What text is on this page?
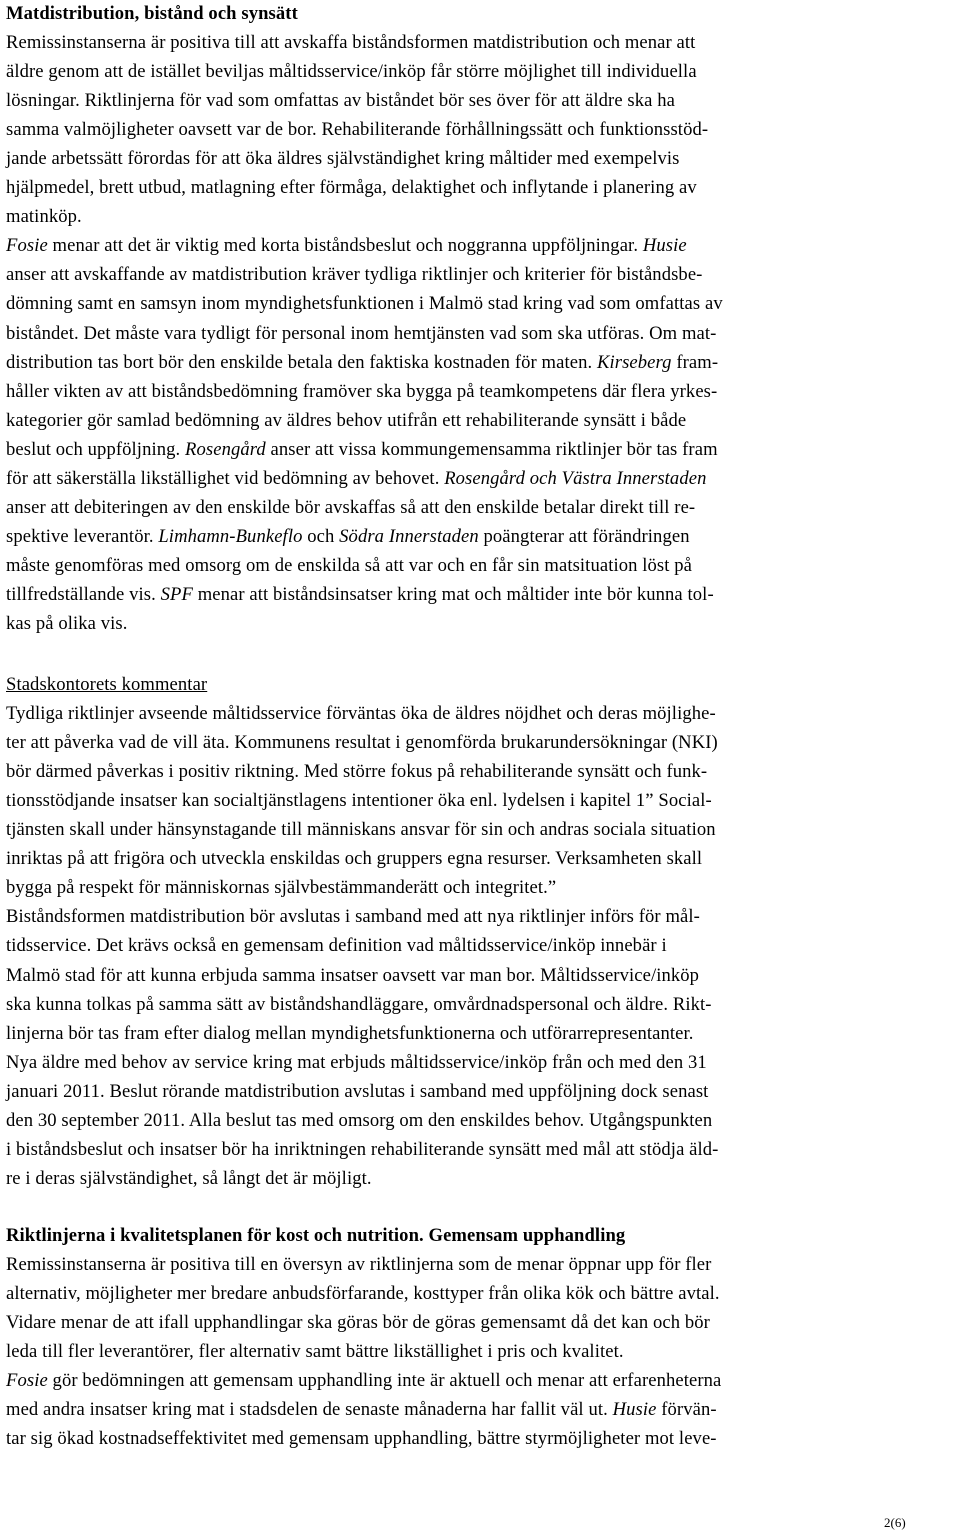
Matdistribution, bistånd och synsätt
Remissinstanserna är positiva till att avskaffa biståndsformen matdistribution och menar att
äldre genom att de istället beviljas måltidsservice/inköp får större möjlighet till individuella
lösningar. Riktlinjerna för vad som omfattas av biståndet bör ses över för att äldre ska ha
samma valmöjligheter oavsett var de bor. Rehabiliterande förhållningssätt och funktionsstöd-
jande arbetssätt förordas för att öka äldres självständighet kring måltider med exempelvis
hjälpmedel, brett utbud, matlagning efter förmåga, delaktighet och inflytande i planering av
matinköp.
Fosie menar att det är viktig med korta biståndsbeslut och noggranna uppföljningar. Husie
anser att avskaffande av matdistribution kräver tydliga riktlinjer och kriterier för biståndsbe-
dömning samt en samsyn inom myndighetsfunktionen i Malmö stad kring vad som omfattas av
biståndet. Det måste vara tydligt för personal inom hemtjänsten vad som ska utföras. Om mat-
distribution tas bort bör den enskilde betala den faktiska kostnaden för maten. Kirseberg fram-
håller vikten av att biståndsbedömning framöver ska bygga på teamkompetens där flera yrkes-
kategorier gör samlad bedömning av äldres behov utifrån ett rehabiliterande synsätt i både
beslut och uppföljning. Rosengård anser att vissa kommungemensamma riktlinjer bör tas fram
för att säkerställa likställighet vid bedömning av behovet. Rosengård och Västra Innerstaden
anser att debiteringen av den enskilde bör avskaffas så att den enskilde betalar direkt till re-
spektive leverantör. Limhamn-Bunkeflo och Södra Innerstaden poängterar att förändringen
måste genomföras med omsorg om de enskilda så att var och en får sin matsituation löst på
tillfredställande vis. SPF menar att biståndsinsatser kring mat och måltider inte bör kunna tol-
kas på olika vis.
Stadskontorets kommentar
Tydliga riktlinjer avseende måltidsservice förväntas öka de äldres nöjdhet och deras möjlighe-
ter att påverka vad de vill äta. Kommunens resultat i genomförda brukarundersökningar (NKI)
bör därmed påverkas i positiv riktning. Med större fokus på rehabiliterande synsätt och funk-
tionsstödjande insatser kan socialtjänstlagens intentioner öka enl. lydelsen i kapitel 1” Social-
tjänsten skall under hänsynstagande till människans ansvar för sin och andras sociala situation
inriktas på att frigöra och utveckla enskildas och gruppers egna resurser. Verksamheten skall
bygga på respekt för människornas självbestämmanderätt och integritet.”
Biståndsformen matdistribution bör avslutas i samband med att nya riktlinjer införs för mål-
tidsservice. Det krävs också en gemensam definition vad måltidsservice/inköp innebär i
Malmö stad för att kunna erbjuda samma insatser oavsett var man bor. Måltidsservice/inköp
ska kunna tolkas på samma sätt av biståndshandläggare, omvårdnadspersonal och äldre. Rikt-
linjerna bör tas fram efter dialog mellan myndighetsfunktionerna och utförarrepresentanter.
Nya äldre med behov av service kring mat erbjuds måltidsservice/inköp från och med den 31
januari 2011. Beslut rörande matdistribution avslutas i samband med uppföljning dock senast
den 30 september 2011. Alla beslut tas med omsorg om den enskildes behov. Utgångspunkten
i biståndsbeslut och insatser bör ha inriktningen rehabiliterande synsätt med mål att stödja äld-
re i deras självständighet, så långt det är möjligt.
Riktlinjerna i kvalitetsplanen för kost och nutrition. Gemensam upphandling
Remissinstanserna är positiva till en översyn av riktlinjerna som de menar öppnar upp för fler
alternativ, möjligheter mer bredare anbudsförfarande, kosttyper från olika kök och bättre avtal.
Vidare menar de att ifall upphandlingar ska göras bör de göras gemensamt då det kan och bör
leda till fler leverantörer, fler alternativ samt bättre likställighet i pris och kvalitet.
Fosie gör bedömningen att gemensam upphandling inte är aktuell och menar att erfarenheterna
med andra insatser kring mat i stadsdelen de senaste månaderna har fallit väl ut. Husie förvän-
tar sig ökad kostnadseffektivitet med gemensam upphandling, bättre styrmöjligheter mot leve-
2(6)
